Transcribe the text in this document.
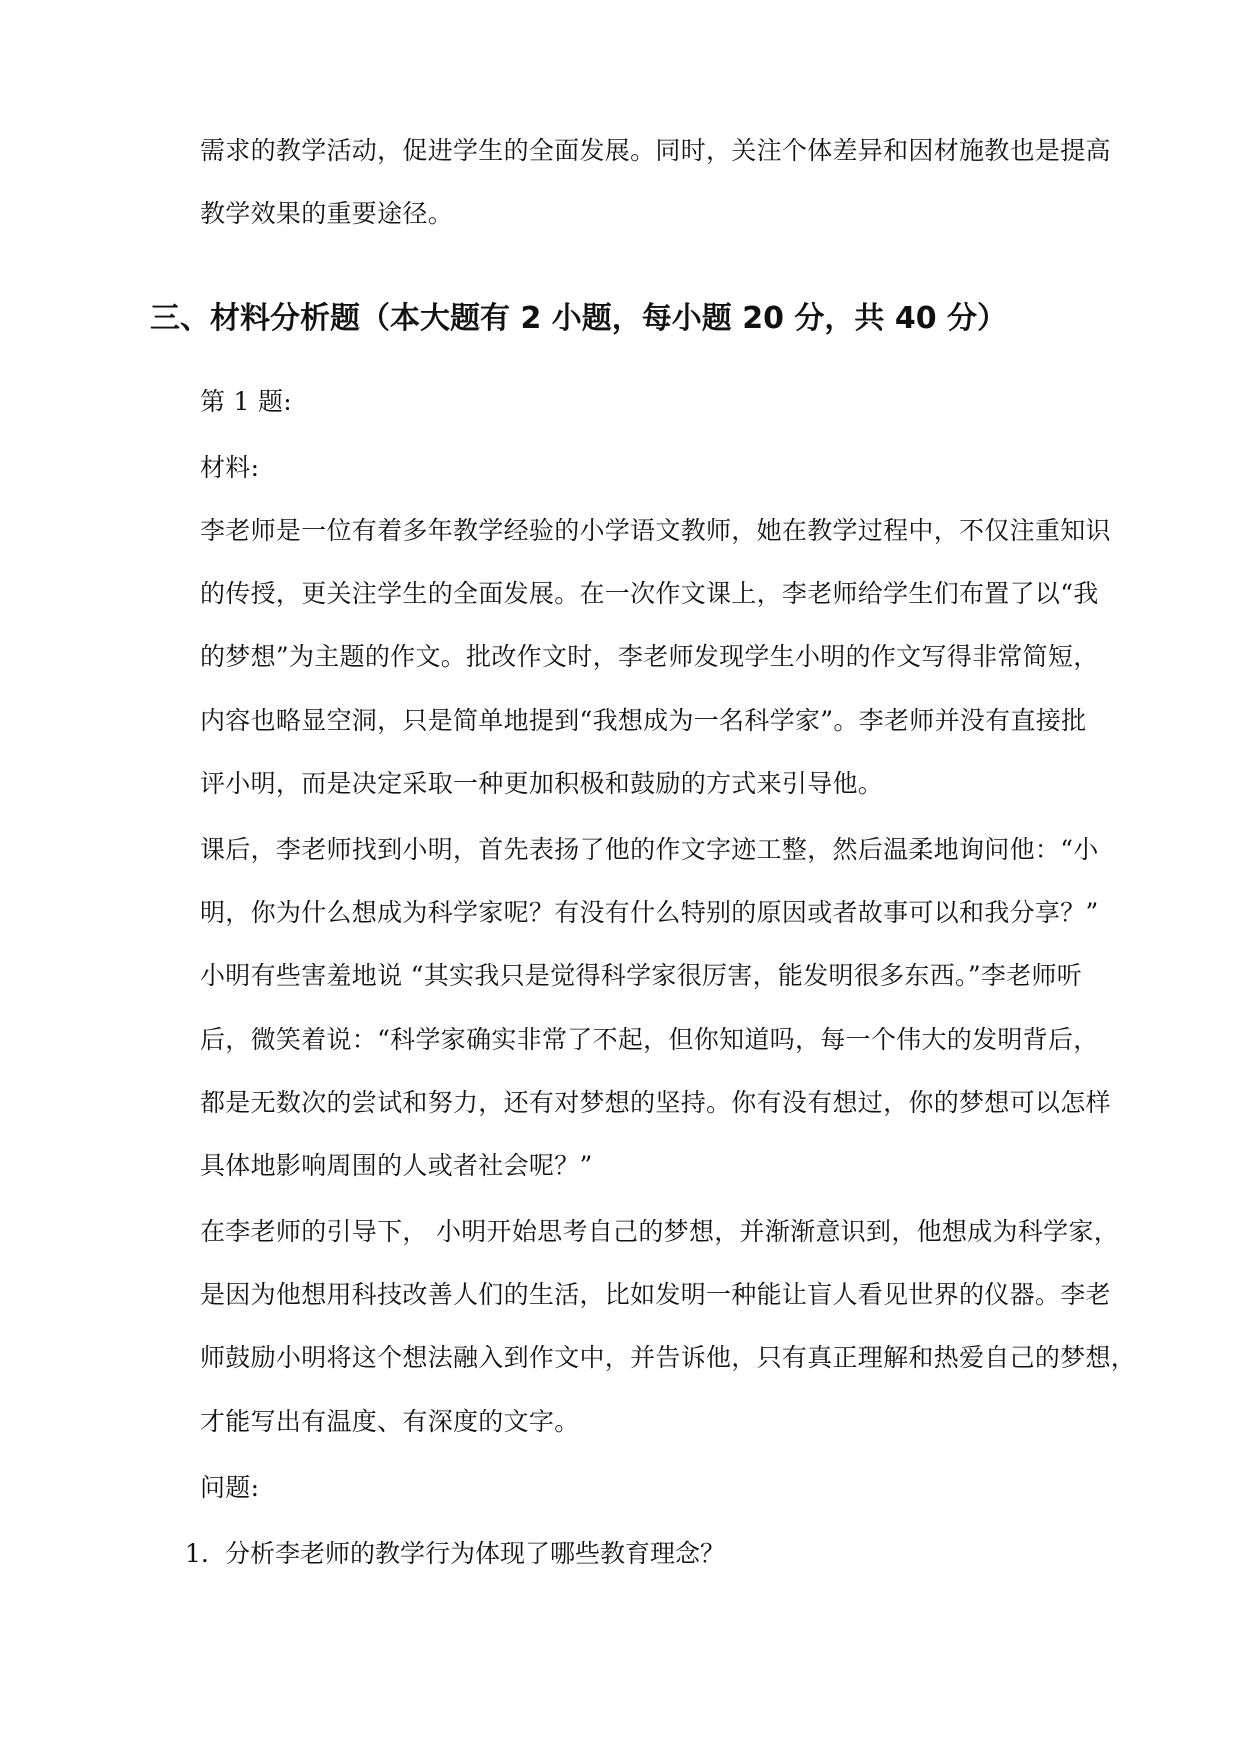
需求的教学活动，促进学生的全面发展。同时，关注个体差异和因材施教也是提高
教学效果的重要途径。
三、材料分析题（本大题有 2 小题，每小题 20 分，共 40 分）
第 1 题:
材料:
李老师是一位有着多年教学经验的小学语文教师，她在教学过程中，不仅注重知识
的传授，更关注学生的全面发展。在一次作文课上，李老师给学生们布置了以“我
的梦想”为主题的作文。批改作文时，李老师发现学生小明的作文写得非常简短，
内容也略显空洞，只是简单地提到“我想成为一名科学家”。李老师并没有直接批
评小明，而是决定采取一种更加积极和鼓励的方式来引导他。
课后，李老师找到小明，首先表扬了他的作文字迹工整，然后温柔地询问他：“小
明，你为什么想成为科学家呢？有没有什么特别的原因或者故事可以和我分享？”
小明有些害羞地说 “其实我只是觉得科学家很厉害，能发明很多东西。”李老师听
后，微笑着说：“科学家确实非常了不起，但你知道吗，每一个伟大的发明背后，
都是无数次的尝试和努力，还有对梦想的坚持。你有没有想过，你的梦想可以怎样
具体地影响周围的人或者社会呢？”
在李老师的引导下， 小明开始思考自己的梦想，并渐渐意识到，他想成为科学家，
是因为他想用科技改善人们的生活，比如发明一种能让盲人看见世界的仪器。李老
师鼓励小明将这个想法融入到作文中，并告诉他，只有真正理解和热爱自己的梦想，
才能写出有温度、有深度的文字。
问题:
1. 分析李老师的教学行为体现了哪些教育理念？
